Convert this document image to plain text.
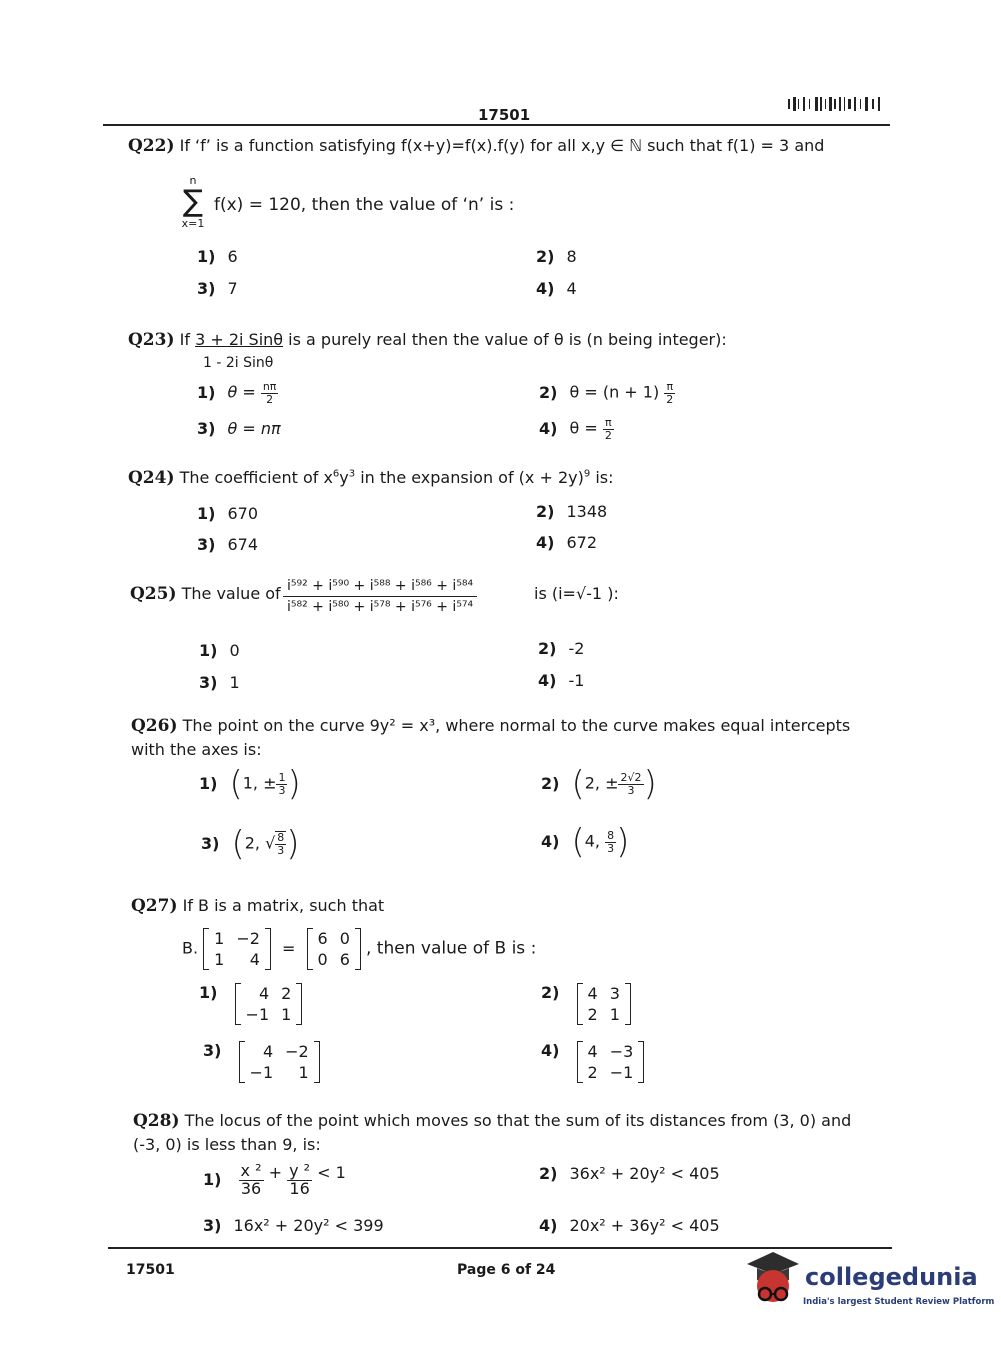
17501
Q22) If ‘f’ is a function satisfying f(x+y)=f(x).f(y) for all x,y ∈ ℕ such that f(1) = 3 and
n
∑
x=1
f(x) = 120, then the value of ‘n’ is :
1) 6	2) 8
3) 7	4) 4
Q23) If 3 + 2i Sinθ is a purely real then the value of θ is (n being integer):
1 - 2i Sinθ
1) $\theta = \frac{n\pi}{2}$	2) $\theta = (n + 1) \frac{\pi}{2}$
3) θ = nπ	4) $\theta = \frac{\pi}{2}$
Q24) The coefficient of $x^6y^3$ in the expansion of $(x + 2y)^9$ is:
1) 670	2) 1348
3) 674	4) 672
Q25) The value of i⁵⁹² + i⁵⁹⁰ + i⁵⁸⁸ + i⁵⁸⁶ + i⁵⁸⁴
i⁵⁸² + i⁵⁸⁰ + i⁵⁷⁸ + i⁵⁷⁶ + i⁵⁷⁴
is (i=√-1 ):
1) 0	2) -2
3) 1	4) -1
Q26) The point on the curve 9y² = x³, where normal to the curve makes equal intercepts
with the axes is:
1) (1, ± $\frac{1}{3}$ )	2) (2, ± $\frac{2√2}{3}$ )
3) (2, √ $\frac{8}{3}$ )	4) (4, $\frac{8}{3}$ )
Q27) If B is a matrix, such that
B. 1	−2
1	4
= 6	0
0	6
, then value of B is :
1)	4	2
−1	1
2) 4	3
2	1
3)	4	−2
−1	1
4) 4	−3
2	−1
Q28) The locus of the point which moves so that the sum of its distances from (3, 0) and
(-3, 0) is less than 9, is:
$1) \frac{\text{x ²}}{36} + \frac{\text{y ²}}{16} < 1$	2) 36x² + 20y² < 405
3) 16x² + 20y² < 399	4) 20x² + 36y² < 405
17501	Page 6 of 24	collegedunia
India's largest Student Review Platform
